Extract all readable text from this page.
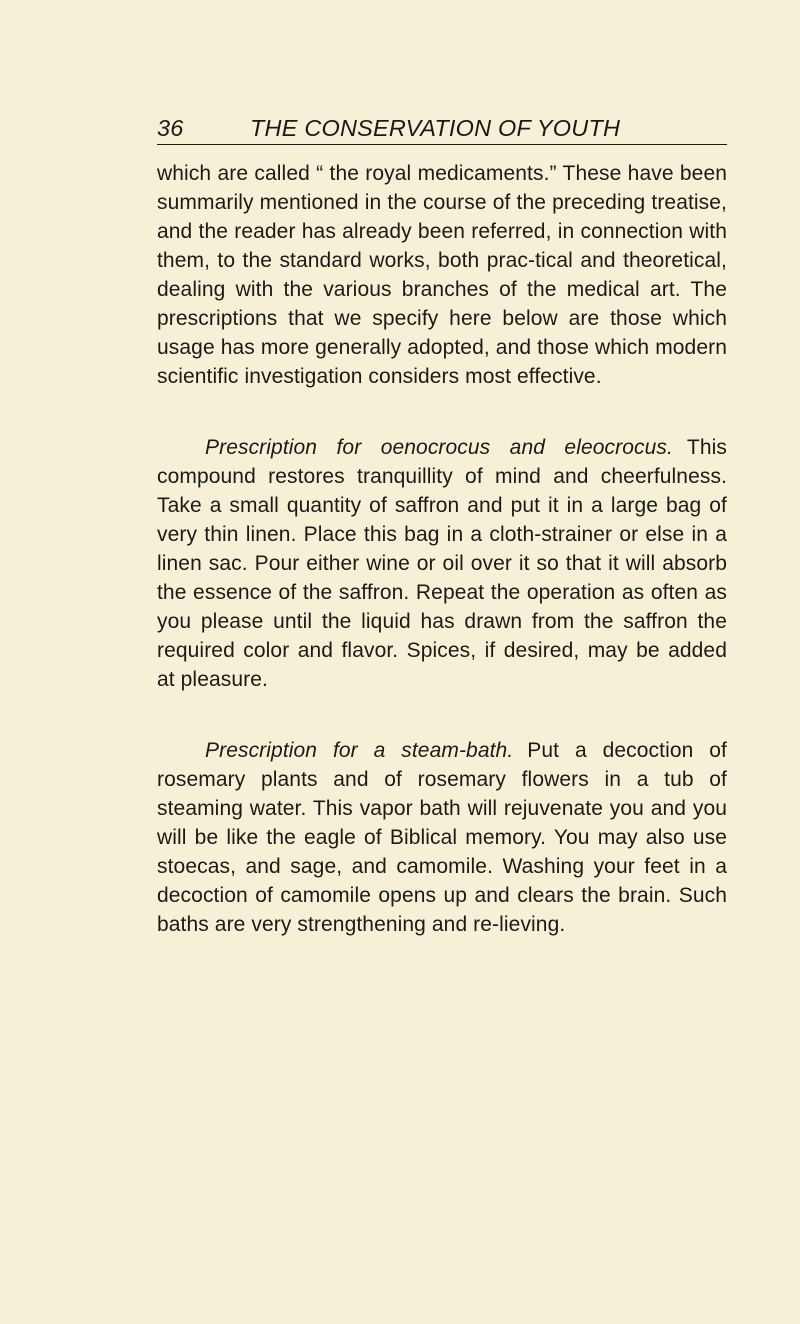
36	THE CONSERVATION OF YOUTH

which are called “ the royal medicaments.” These have been summarily mentioned in the course of the preceding treatise, and the reader has already been referred, in connection with them, to the standard works, both prac-tical and theoretical, dealing with the various branches of the medical art. The prescriptions that we specify here below are those which usage has more generally adopted, and those which modern scientific investigation considers most effective.

Prescription for oenocrocus and eleocrocus. This compound restores tranquillity of mind and cheerfulness. Take a small quantity of saffron and put it in a large bag of very thin linen. Place this bag in a cloth-strainer or else in a linen sac. Pour either wine or oil over it so that it will absorb the essence of the saffron. Repeat the operation as often as you please until the liquid has drawn from the saffron the required color and flavor. Spices, if desired, may be added at pleasure.

Prescription for a steam-bath. Put a decoction of rosemary plants and of rosemary flowers in a tub of steaming water. This vapor bath will rejuvenate you and you will be like the eagle of Biblical memory. You may also use stoecas, and sage, and camomile. Washing your feet in a decoction of camomile opens up and clears the brain. Such baths are very strengthening and re-lieving.
